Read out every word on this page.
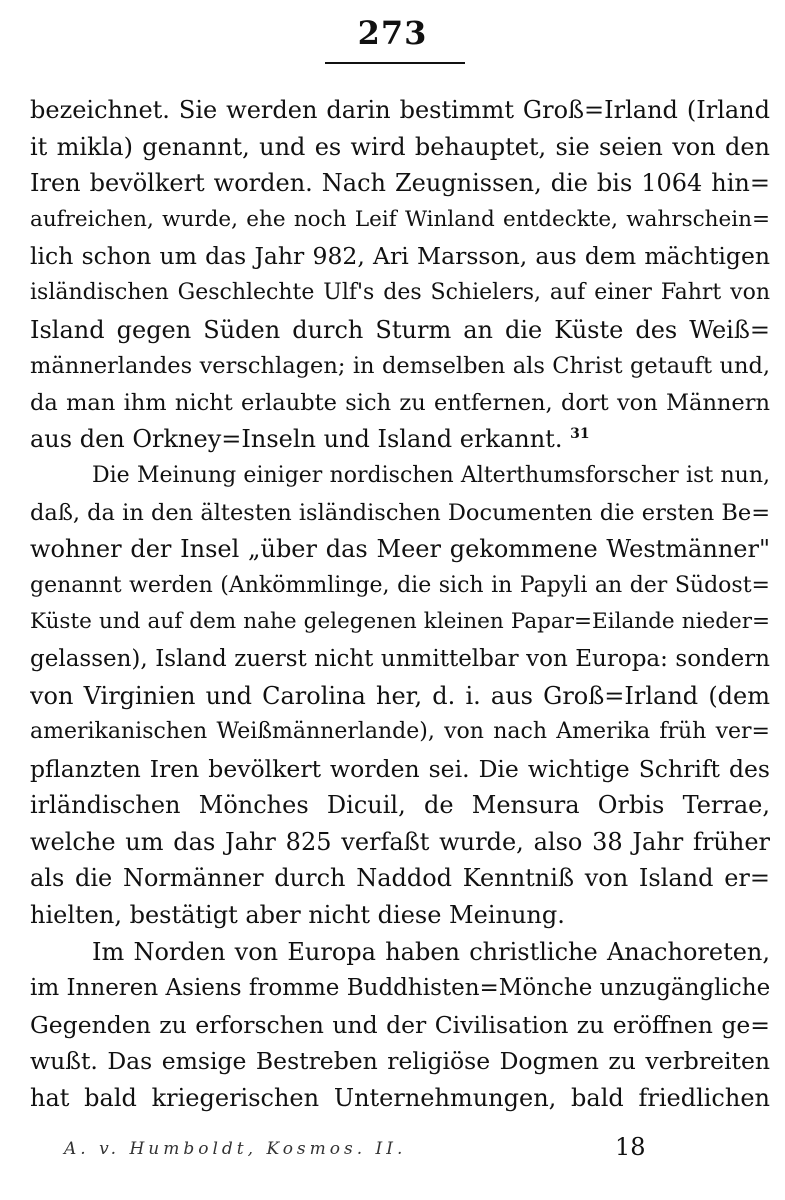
273
bezeichnet. Sie werden darin bestimmt Groß=Irland (Irland
it mikla) genannt, und es wird behauptet, sie seien von den
Iren bevölkert worden. Nach Zeugnissen, die bis 1064 hin=
aufreichen, wurde, ehe noch Leif Winland entdeckte, wahrschein=
lich schon um das Jahr 982, Ari Marsson, aus dem mächtigen
isländischen Geschlechte Ulf's des Schielers, auf einer Fahrt von
Island gegen Süden durch Sturm an die Küste des Weiß=
männerlandes verschlagen; in demselben als Christ getauft und,
da man ihm nicht erlaubte sich zu entfernen, dort von Männern
aus den Orkney=Inseln und Island erkannt. $^{31}$
Die Meinung einiger nordischen Alterthumsforscher ist nun,
daß, da in den ältesten isländischen Documenten die ersten Be=
wohner der Insel „über das Meer gekommene Westmänner"
genannt werden (Ankömmlinge, die sich in Papyli an der Südost=
Küste und auf dem nahe gelegenen kleinen Papar=Eilande nieder=
gelassen), Island zuerst nicht unmittelbar von Europa: sondern
von Virginien und Carolina her, d. i. aus Groß=Irland (dem
amerikanischen Weißmännerlande), von nach Amerika früh ver=
pflanzten Iren bevölkert worden sei. Die wichtige Schrift des
irländischen Mönches Dicuil, de Mensura Orbis Terrae,
welche um das Jahr 825 verfaßt wurde, also 38 Jahr früher
als die Normänner durch Naddod Kenntniß von Island er=
hielten, bestätigt aber nicht diese Meinung.
Im Norden von Europa haben christliche Anachoreten,
im Inneren Asiens fromme Buddhisten=Mönche unzugängliche
Gegenden zu erforschen und der Civilisation zu eröffnen ge=
wußt. Das emsige Bestreben religiöse Dogmen zu verbreiten
hat bald kriegerischen Unternehmungen, bald friedlichen
A. v. Humboldt, Kosmos. II.	18
